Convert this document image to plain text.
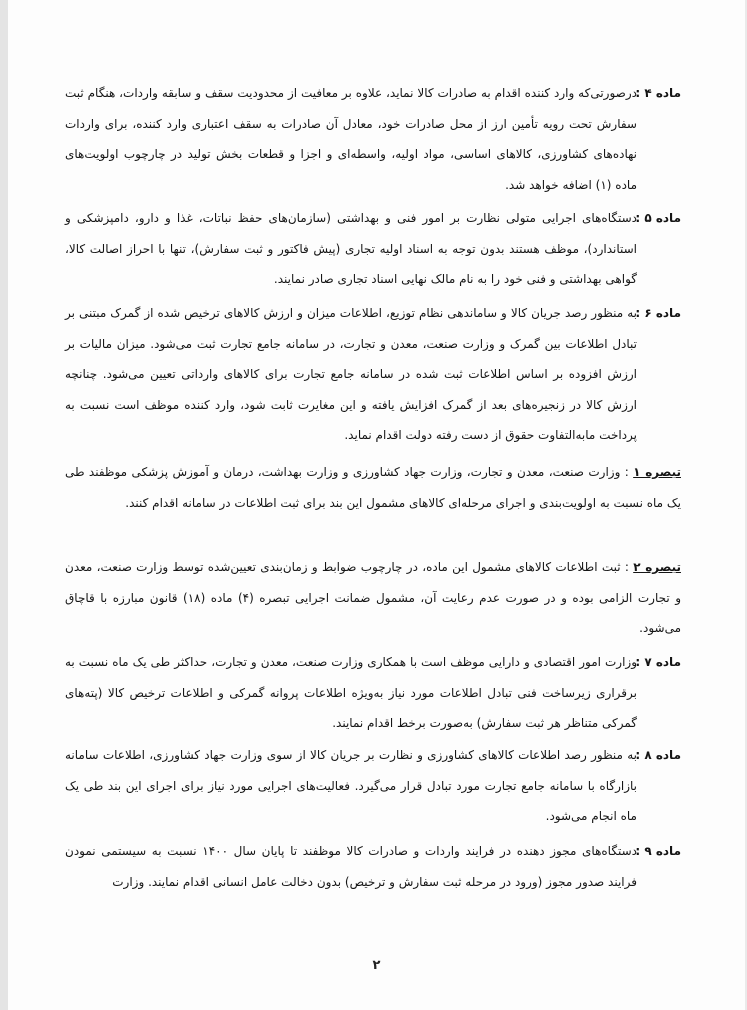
ماده ۴ :
درصورتی‌که وارد کننده اقدام به صادرات کالا نماید، علاوه بر معافیت از محدودیت سقف و سابقه واردات، هنگام ثبت سفارش تحت رویه تأمین ارز از محل صادرات خود، معادل آن صادرات به سقف اعتباری وارد کننده، برای واردات نهاده‌های کشاورزی، کالاهای اساسی، مواد اولیه، واسطه‌ای و اجزا و قطعات بخش تولید در چارچوب اولویت‌های ماده (۱) اضافه خواهد شد.
ماده ۵ :
دستگاه‌های اجرایی متولی نظارت بر امور فنی و بهداشتی (سازمان‌های حفظ نباتات، غذا و دارو، دامپزشکی و استاندارد)، موظف هستند بدون توجه به اسناد اولیه تجاری (پیش فاکتور و ثبت سفارش)، تنها با احراز اصالت کالا، گواهی بهداشتی و فنی خود را به نام مالک نهایی اسناد تجاری صادر نمایند.
ماده ۶ :
به منظور رصد جریان کالا و ساماندهی نظام توزیع، اطلاعات میزان و ارزش کالاهای ترخیص شده از گمرک مبتنی بر تبادل اطلاعات بین گمرک و وزارت صنعت، معدن و تجارت، در سامانه جامع تجارت ثبت می‌شود. میزان مالیات بر ارزش افزوده بر اساس اطلاعات ثبت شده در سامانه جامع تجارت برای کالاهای وارداتی تعیین می‌شود. چنانچه ارزش کالا در زنجیره‌های بعد از گمرک افزایش یافته و این مغایرت ثابت شود، وارد کننده موظف است نسبت به پرداخت مابه‌التفاوت حقوق از دست رفته دولت اقدام نماید.
تبصره ۱ : وزارت صنعت، معدن و تجارت، وزارت جهاد کشاورزی و وزارت بهداشت، درمان و آموزش پزشکی موظفند طی یک ماه نسبت به اولویت‌بندی و اجرای مرحله‌ای کالاهای مشمول این بند برای ثبت اطلاعات در سامانه اقدام کنند.
تبصره ۲ : ثبت اطلاعات کالاهای مشمول این ماده، در چارچوب ضوابط و زمان‌بندی تعیین‌شده توسط وزارت صنعت، معدن و تجارت الزامی بوده و در صورت عدم رعایت آن، مشمول ضمانت اجرایی تبصره (۴) ماده (۱۸) قانون مبارزه با قاچاق می‌شود.
ماده ۷ :
وزارت امور اقتصادی و دارایی موظف است با همکاری وزارت صنعت، معدن و تجارت، حداکثر طی یک ماه نسبت به برقراری زیرساخت فنی تبادل اطلاعات مورد نیاز به‌ویژه اطلاعات پروانه گمرکی و اطلاعات ترخیص کالا (پته‌های گمرکی متناظر هر ثبت سفارش) به‌صورت برخط اقدام نمایند.
ماده ۸ :
به منظور رصد اطلاعات کالاهای کشاورزی و نظارت بر جریان کالا از سوی وزارت جهاد کشاورزی، اطلاعات سامانه بازارگاه با سامانه جامع تجارت مورد تبادل قرار می‌گیرد. فعالیت‌های اجرایی مورد نیاز برای اجرای این بند طی یک ماه انجام می‌شود.
ماده ۹ :
دستگاه‌های مجوز دهنده در فرایند واردات و صادرات کالا موظفند تا پایان سال ۱۴۰۰ نسبت به سیستمی نمودن فرایند صدور مجوز (ورود در مرحله ثبت سفارش و ترخیص) بدون دخالت عامل انسانی اقدام نمایند. وزارت
۲
